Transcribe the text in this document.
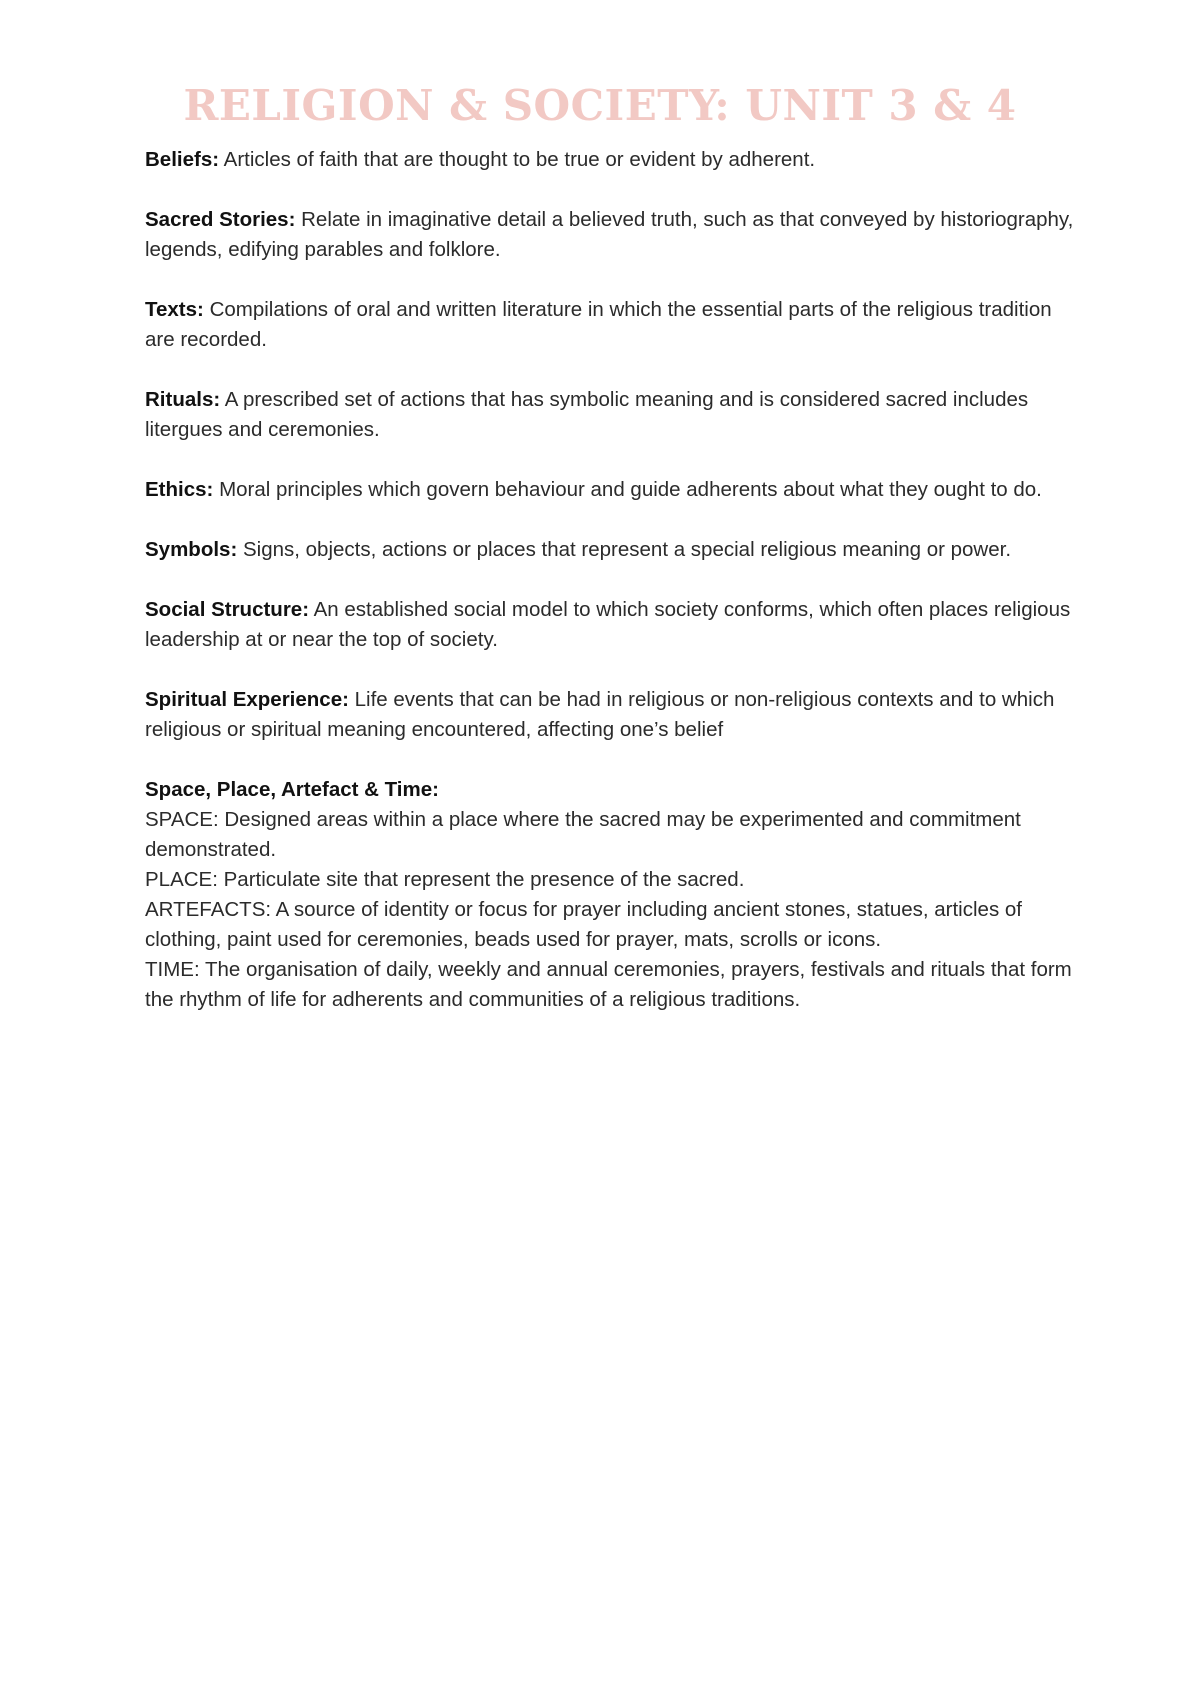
RELIGION & SOCIETY: UNIT 3 & 4

Beliefs: Articles of faith that are thought to be true or evident by adherent.

Sacred Stories: Relate in imaginative detail a believed truth, such as that conveyed by historiography, legends, edifying parables and folklore.

Texts: Compilations of oral and written literature in which the essential parts of the religious tradition are recorded.

Rituals: A prescribed set of actions that has symbolic meaning and is considered sacred includes litergues and ceremonies.

Ethics: Moral principles which govern behaviour and guide adherents about what they ought to do.

Symbols: Signs, objects, actions or places that represent a special religious meaning or power.

Social Structure: An established social model to which society conforms, which often places religious leadership at or near the top of society.

Spiritual Experience: Life events that can be had in religious or non-religious contexts and to which religious or spiritual meaning encountered, affecting one’s belief

Space, Place, Artefact & Time:
SPACE: Designed areas within a place where the sacred may be experimented and commitment demonstrated.
PLACE: Particulate site that represent the presence of the sacred.
ARTEFACTS: A source of identity or focus for prayer including ancient stones, statues, articles of clothing, paint used for ceremonies, beads used for prayer, mats, scrolls or icons.
TIME: The organisation of daily, weekly and annual ceremonies, prayers, festivals and rituals that form the rhythm of life for adherents and communities of a religious traditions.
